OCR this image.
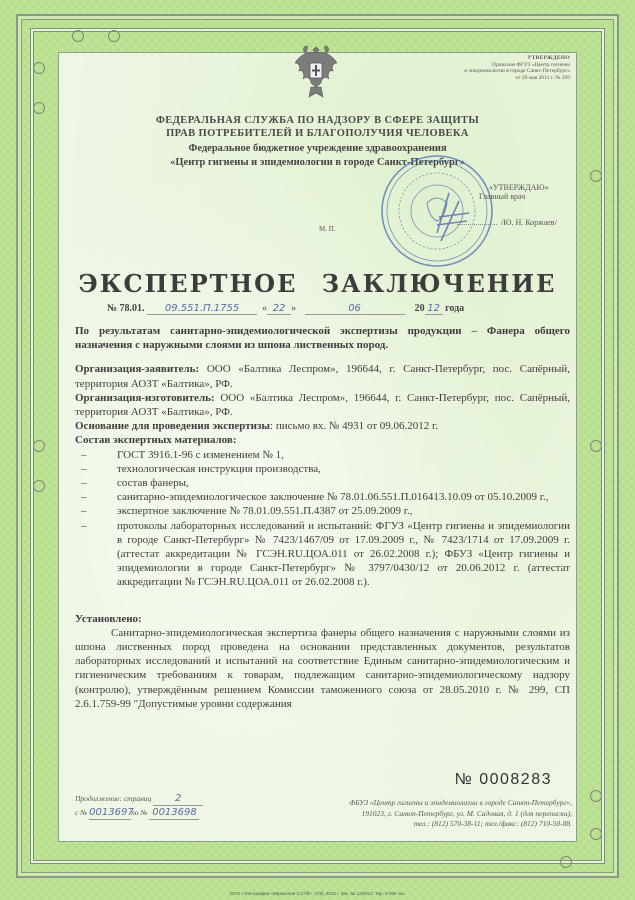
УТВЕРЖДЕНО
Приказом ФГУЗ «Центр гигиены
и эпидемиологии в городе Санкт-Петербург»
от 20 мая 2011 г. № 269
ФЕДЕРАЛЬНАЯ СЛУЖБА ПО НАДЗОРУ В СФЕРЕ ЗАЩИТЫ
ПРАВ ПОТРЕБИТЕЛЕЙ И БЛАГОПОЛУЧИЯ ЧЕЛОВЕКА
Федеральное бюджетное учреждение здравоохранения
«Центр гигиены и эпидемиологии в городе Санкт-Петербург»
«УТВЕРЖДАЮ»
Главный врач
/Ю. Н. Коржаев/
М. П.
ЭКСПЕРТНОЕ ЗАКЛЮЧЕНИЕ
№ 78.01. 09.551.П.1755  « 22 »	06	20 12 года

По результатам санитарно-эпидемиологической экспертизы продукции – Фанера общего назначения с наружными слоями из шпона лиственных пород.

Организация-заявитель: ООО «Балтика Леспром», 196644, г. Санкт-Петербург, пос. Сапёрный, территория АОЗТ «Балтика», РФ.

Организация-изготовитель: ООО «Балтика Леспром», 196644, г. Санкт-Петербург, пос. Сапёрный, территория АОЗТ «Балтика», РФ.

Основание для проведения экспертизы: письмо вх. № 4931 от 09.06.2012 г.

Состав экспертных материалов:

–	ГОСТ 3916.1-96 с изменением № 1,
–	технологическая инструкция производства,
–	состав фанеры,
–	санитарно-эпидемиологическое заключение № 78.01.06.551.П.016413.10.09 от 05.10.2009 г.,
–	экспертное заключение № 78.01.09.551.П.4387 от 25.09.2009 г.,
–	протоколы лабораторных исследований и испытаний: ФГУЗ «Центр гигиены и эпидемиологии в городе Санкт-Петербург» № 7423/1467/09 от 17.09.2009 г., № 7423/1714 от 17.09.2009 г. (аттестат аккредитации № ГСЭН.RU.ЦОА.011 от 26.02.2008 г.); ФБУЗ «Центр гигиены и эпидемиологии в городе Санкт-Петербург» № 3797/0430/12 от 20.06.2012 г. (аттестат аккредитации № ГСЭН.RU.ЦОА.011 от 26.02.2008 г.).

Установлено:

Санитарно-эпидемиологическая экспертиза фанеры общего назначения с наружными слоями из шпона лиственных пород проведена на основании представленных документов, результатов лабораторных исследований и испытаний на соответствие Единым санитарно-эпидемиологическим и гигиеническим требованиям к товарам, подлежащим санитарно-эпидемиологическому надзору (контролю), утверждённым решением Комиссии таможенного союза от 28.05.2010 г. № 299, СП 2.6.1.759-99 "Допустимые уровни содержания

№ 0008283
Продолжение: страниц 2
с № 0013697по № 0013698
ФБУЗ «Центр гигиены и эпидемиологии в городе Санкт-Петербург»,
191023, г. Санкт-Петербург, ул. М. Садовая, д. 1 (для переписки),
тел.: (812) 570-38-11; тел./факс: (812) 710-50-88.
ООО «Типография «Еврокопия 2 СПб», СПб, 2012 г. Зак. № 1200/13. Тир. 5 000 экз.
